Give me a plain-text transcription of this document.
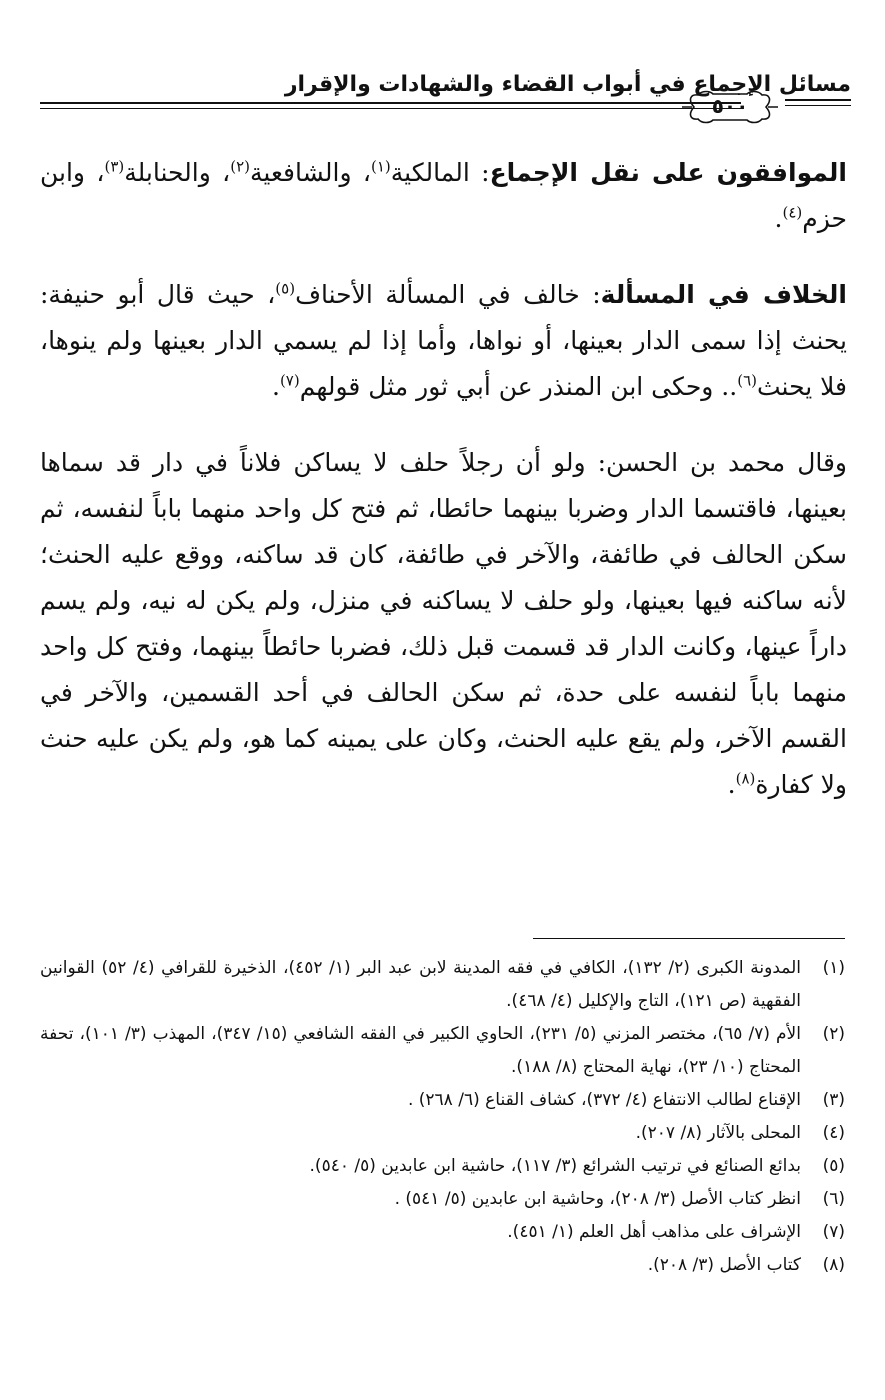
مسائل الإجماع في أبواب القضاء والشهادات والإقرار
٥٠٠

الموافقون على نقل الإجماع: المالكية$^{(١)}$، والشافعية$^{(٢)}$، والحنابلة$^{(٣)}$، وابن حزم$^{(٤)}$.

الخلاف في المسألة: خالف في المسألة الأحناف$^{(٥)}$، حيث قال أبو حنيفة: يحنث إذا سمى الدار بعينها، أو نواها، وأما إذا لم يسمي الدار بعينها ولم ينوها، فلا يحنث$^{(٦)}$.. وحكى ابن المنذر عن أبي ثور مثل قولهم$^{(٧)}$.

وقال محمد بن الحسن: ولو أن رجلاً حلف لا يساكن فلاناً في دار قد سماها بعينها، فاقتسما الدار وضربا بينهما حائطا، ثم فتح كل واحد منهما باباً لنفسه، ثم سكن الحالف في طائفة، والآخر في طائفة، كان قد ساكنه، ووقع عليه الحنث؛ لأنه ساكنه فيها بعينها، ولو حلف لا يساكنه في منزل، ولم يكن له نيه، ولم يسم داراً عينها، وكانت الدار قد قسمت قبل ذلك، فضربا حائطاً بينهما، وفتح كل واحد منهما باباً لنفسه على حدة، ثم سكن الحالف في أحد القسمين، والآخر في القسم الآخر، ولم يقع عليه الحنث، وكان على يمينه كما هو، ولم يكن عليه حنث ولا كفارة$^{(٨)}$.

(١)
المدونة الكبرى (٢/ ١٣٢)، الكافي في فقه المدينة لابن عبد البر (١/ ٤٥٢)، الذخيرة للقرافي (٤/ ٥٢) القوانين الفقهية (ص ١٢١)، التاج والإكليل (٤/ ٤٦٨).
(٢)
الأم (٧/ ٦٥)، مختصر المزني (٥/ ٢٣١)، الحاوي الكبير في الفقه الشافعي (١٥/ ٣٤٧)، المهذب (٣/ ١٠١)، تحفة المحتاج (١٠/ ٢٣)، نهاية المحتاج (٨/ ١٨٨).
(٣)
الإقناع لطالب الانتفاع (٤/ ٣٧٢)، كشاف القناع (٦/ ٢٦٨) .
(٤)
المحلى بالآثار (٨/ ٢٠٧).
(٥)
بدائع الصنائع في ترتيب الشرائع (٣/ ١١٧)، حاشية ابن عابدين (٥/ ٥٤٠).
(٦)
انظر كتاب الأصل (٣/ ٢٠٨)، وحاشية ابن عابدين (٥/ ٥٤١) .
(٧)
الإشراف على مذاهب أهل العلم (١/ ٤٥١).
(٨)
كتاب الأصل (٣/ ٢٠٨).
